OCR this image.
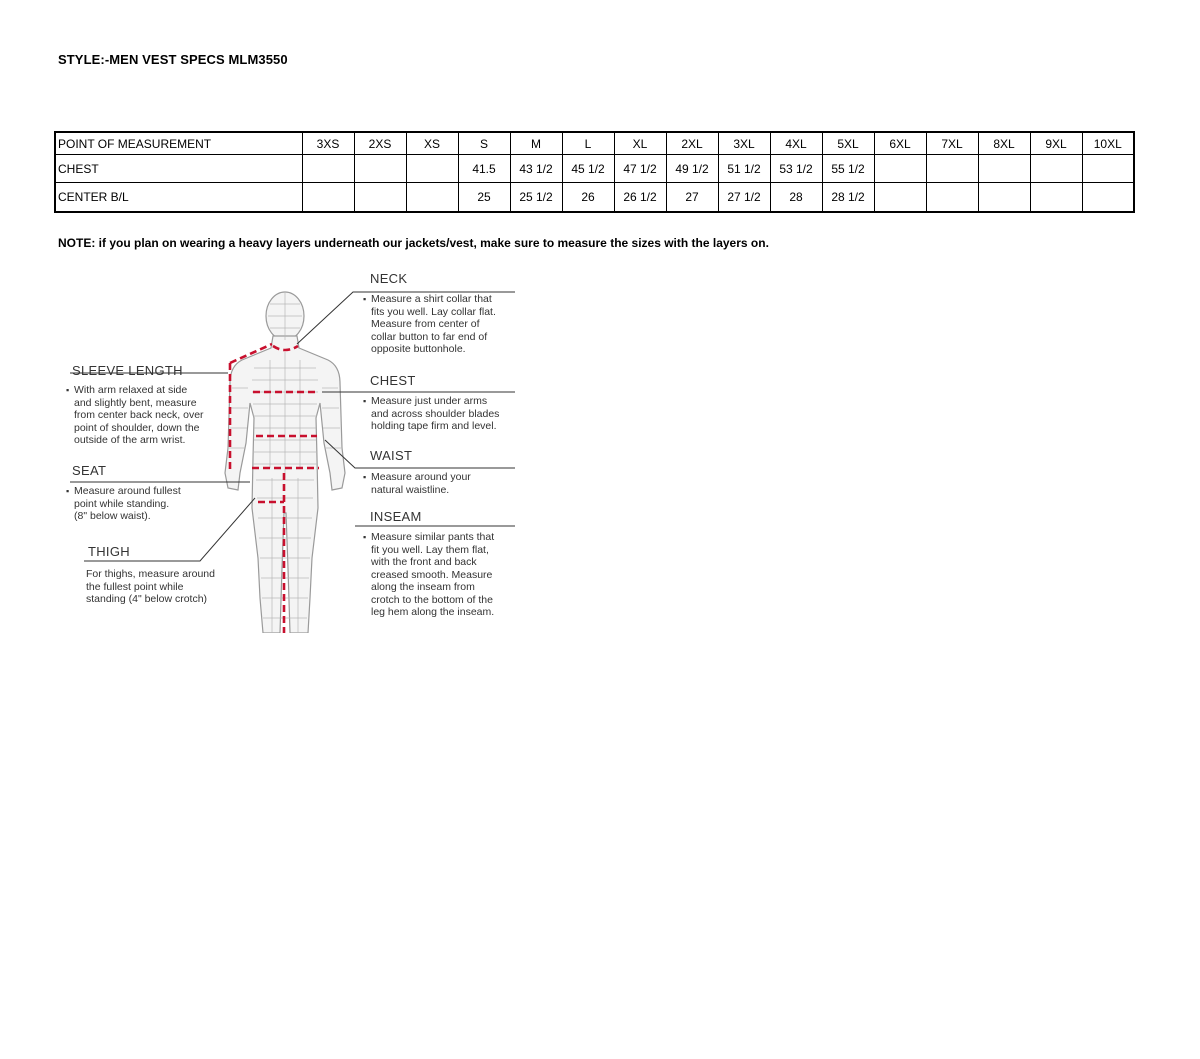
STYLE:-MEN VEST SPECS MLM3550
POINT OF MEASUREMENT	3XS	2XS	XS	S	M	L	XL	2XL	3XL	4XL	5XL	6XL	7XL	8XL	9XL	10XL
CHEST				41.5	43 1/2	45 1/2	47 1/2	49 1/2	51 1/2	53 1/2	55 1/2					
CENTER B/L				25	25 1/2	26	26 1/2	27	27 1/2	28	28 1/2					
NOTE: if you plan on wearing a heavy layers underneath our jackets/vest, make sure to measure the sizes with the layers on.
NECK
▪ Measure a shirt collar that
fits you well. Lay collar flat.
Measure from center of
collar button to far end of
opposite buttonhole.
SLEEVE LENGTH
▪ With arm relaxed at side
and slightly bent, measure
from center back neck, over
point of shoulder, down the
outside of the arm wrist.
CHEST
▪ Measure just under arms
and across shoulder blades
holding tape firm and level.
WAIST
▪ Measure around your
natural waistline.
SEAT
▪ Measure around fullest
point while standing.
(8" below waist).	INSEAM
▪ Measure similar pants that
fit you well. Lay them flat,
with the front and back
creased smooth. Measure
along the inseam from
crotch to the bottom of the
leg hem along the inseam.
THIGH
For thighs, measure around
the fullest point while
standing (4" below crotch)
